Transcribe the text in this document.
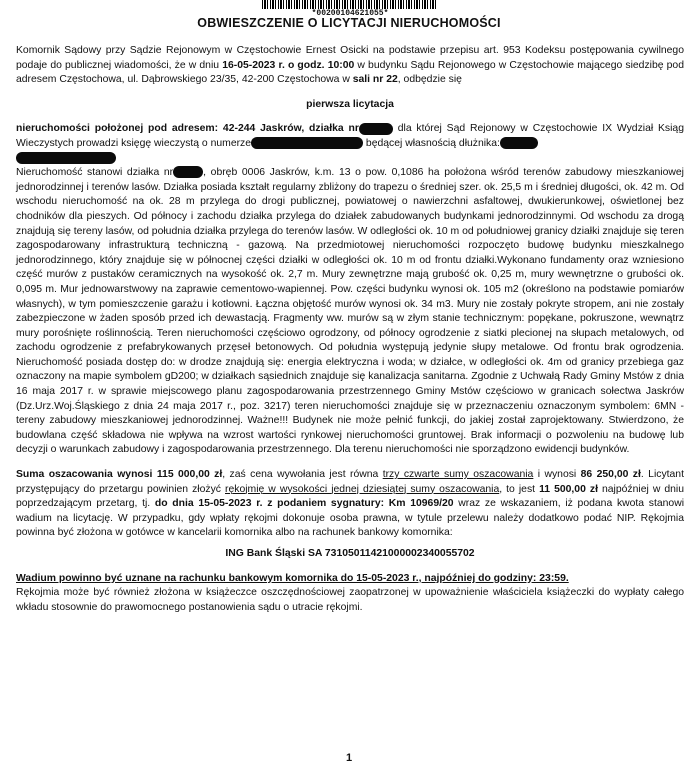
*00200104621055*
OBWIESZCZENIE O LICYTACJI NIERUCHOMOŚCI

Komornik Sądowy przy Sądzie Rejonowym w Częstochowie Ernest Osicki na podstawie przepisu art. 953 Kodeksu postępowania cywilnego podaje do publicznej wiadomości, że w dniu 16-05-2023 r. o godz. 10:00 w budynku Sądu Rejonowego w Częstochowie mającego siedzibę pod adresem Częstochowa, ul. Dąbrowskiego 23/35, 42-200 Częstochowa w sali nr 22, odbędzie się

pierwsza licytacja

nieruchomości położonej pod adresem: 42-244 Jaskrów, działka nr	dla której Sąd Rejonowy w Częstochowie IX Wydział Ksiąg Wieczystych prowadzi księgę wieczystą o numerze	będącej własnością dłużnika:

Nieruchomość stanowi działka nr	, obręb 0006 Jaskrów, k.m. 13 o pow. 0,1086 ha położona wśród terenów zabudowy mieszkaniowej jednorodzinnej i terenów lasów. Działka posiada kształt regularny zbliżony do trapezu o średniej szer. ok. 25,5 m i średniej długości, ok. 42 m. Od wschodu nieruchomość na ok. 28 m przylega do drogi publicznej, powiatowej o nawierzchni asfaltowej, dwukierunkowej, oświetlonej bez chodników dla pieszych. Od północy i zachodu działka przylega do działek zabudowanych budynkami jednorodzinnymi. Od wschodu za drogą znajdują się tereny lasów, od południa działka przylega do terenów lasów. W odległości ok. 10 m od południowej granicy działki znajduje się teren zagospodarowany infrastrukturą techniczną - gazową. Na przedmiotowej nieruchomości rozpoczęto budowę budynku mieszkalnego jednorodzinnego, który znajduje się w północnej części działki w odległości ok. 10 m od frontu działki.Wykonano fundamenty oraz wzniesiono część murów z pustaków ceramicznych na wysokość ok. 2,7 m. Mury zewnętrzne mają grubość ok. 0,25 m, mury wewnętrzne o grubości ok. 0,095 m. Mur jednowarstwowy na zaprawie cementowo-wapiennej. Pow. części budynku wynosi ok. 105 m2 (określono na podstawie pomiarów własnych), w tym pomieszczenie garażu i kotłowni. Łączna objętość murów wynosi ok. 34 m3. Mury nie zostały pokryte stropem, ani nie zostały zabezpieczone w żaden sposób przed ich dewastacją. Fragmenty ww. murów są w złym stanie technicznym: popękane, pokruszone, wewnątrz mury porośnięte roślinnością. Teren nieruchomości częściowo ogrodzony, od północy ogrodzenie z siatki plecionej na słupach metalowych, od zachodu ogrodzenie z prefabrykowanych przęseł betonowych. Od południa występują jedynie słupy metalowe. Od frontu brak ogrodzenia. Nieruchomość posiada dostęp do: w drodze znajdują się: energia elektryczna i woda; w działce, w odległości ok. 4m od granicy przebiega gaz oznaczony na mapie symbolem gD200; w działkach sąsiednich znajduje się kanalizacja sanitarna. Zgodnie z Uchwałą Rady Gminy Mstów z dnia 16 maja 2017 r. w sprawie miejscowego planu zagospodarowania przestrzennego Gminy Mstów częściowo w granicach sołectwa Jaskrów (Dz.Urz.Woj.Śląskiego z dnia 24 maja 2017 r., poz. 3217) teren nieruchomości znajduje się w przeznaczeniu oznaczonym symbolem: 6MN - tereny zabudowy mieszkaniowej jednorodzinnej. Ważne!!! Budynek nie może pełnić funkcji, do jakiej został zaprojektowany. Stwierdzono, że budowlana część składowa nie wpływa na wzrost wartości rynkowej nieruchomości gruntowej. Brak informacji o pozwoleniu na budowę lub decyzji o warunkach zabudowy i zagospodarowania przestrzennego. Dla terenu nieruchomości nie sporządzono ewidencji budynków.

Suma oszacowania wynosi 115 000,00 zł, zaś cena wywołania jest równa trzy czwarte sumy oszacowania i wynosi 86 250,00 zł. Licytant przystępujący do przetargu powinien złożyć rękojmię w wysokości jednej dziesiątej sumy oszacowania, to jest 11 500,00 zł najpóźniej w dniu poprzedzającym przetarg, tj. do dnia 15-05-2023 r. z podaniem sygnatury: Km 10969/20 wraz ze wskazaniem, iż podana kwota stanowi wadium na licytację. W przypadku, gdy wpłaty rękojmi dokonuje osoba prawna, w tytule przelewu należy dodatkowo podać NIP. Rękojmia powinna być złożona w gotówce w kancelarii komornika albo na rachunek bankowy komornika:

ING Bank Śląski SA 73105011421000002340055702

Wadium powinno być uznane na rachunku bankowym komornika do 15-05-2023 r., najpóźniej do godziny: 23:59.
Rękojmia może być również złożona w książeczce oszczędnościowej zaopatrzonej w upoważnienie właściciela książeczki do wypłaty całego wkładu stosownie do prawomocnego postanowienia sądu o utracie rękojmi.

1
